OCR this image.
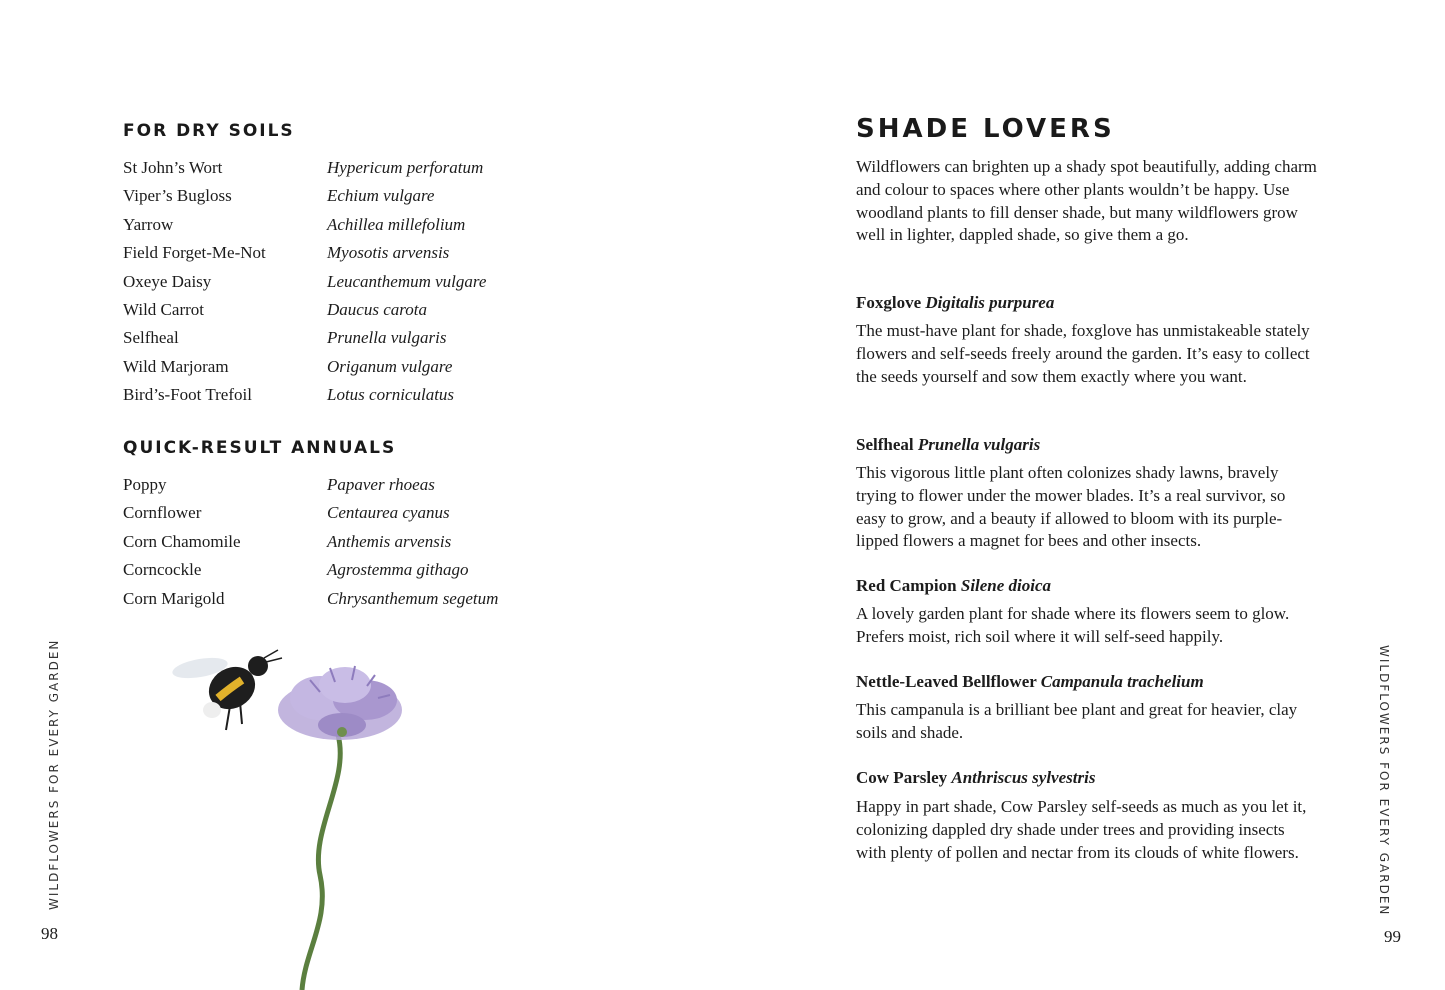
FOR DRY SOILS
St John’s Wort	Hypericum perforatum
Viper’s Bugloss	Echium vulgare
Yarrow	Achillea millefolium
Field Forget-Me-Not	Myosotis arvensis
Oxeye Daisy	Leucanthemum vulgare
Wild Carrot	Daucus carota
Selfheal	Prunella vulgaris
Wild Marjoram	Origanum vulgare
Bird’s-Foot Trefoil	Lotus corniculatus
QUICK-RESULT ANNUALS
Poppy	Papaver rhoeas
Cornflower	Centaurea cyanus
Corn Chamomile	Anthemis arvensis
Corncockle	Agrostemma githago
Corn Marigold	Chrysanthemum segetum
WILDFLOWERS FOR EVERY GARDEN
98
SHADE LOVERS

Wildflowers can brighten up a shady spot beautifully, adding charm and colour to spaces where other plants wouldn’t be happy. Use woodland plants to fill denser shade, but many wildflowers grow well in lighter, dappled shade, so give them a go.

Foxglove Digitalis purpurea

The must-have plant for shade, foxglove has unmistakeable stately flowers and self-seeds freely around the garden. It’s easy to collect the seeds yourself and sow them exactly where you want.

Selfheal Prunella vulgaris

This vigorous little plant often colonizes shady lawns, bravely trying to flower under the mower blades. It’s a real survivor, so easy to grow, and a beauty if allowed to bloom with its purple-lipped flowers a magnet for bees and other insects.

Red Campion Silene dioica

A lovely garden plant for shade where its flowers seem to glow. Prefers moist, rich soil where it will self-seed happily.

Nettle-Leaved Bellflower Campanula trachelium

This campanula is a brilliant bee plant and great for heavier, clay soils and shade.

Cow Parsley Anthriscus sylvestris

Happy in part shade, Cow Parsley self-seeds as much as you let it, colonizing dappled dry shade under trees and providing insects with plenty of pollen and nectar from its clouds of white flowers.	WILDFLOWERS FOR EVERY GARDEN
99
